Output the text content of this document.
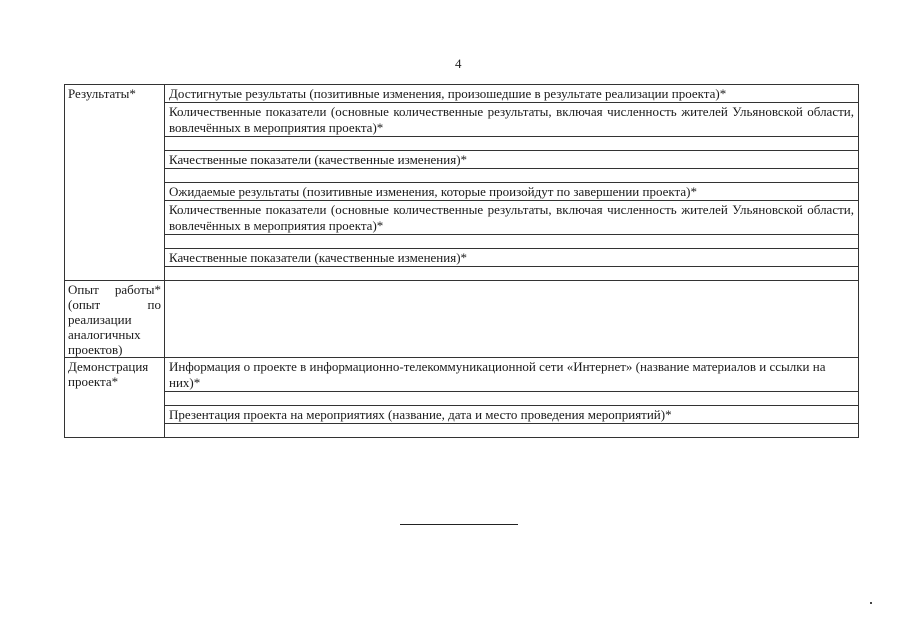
4
Результаты*	Достигнутые результаты (позитивные изменения, произошедшие в результате реализации проекта)*
Количественные показатели (основные количественные результаты, включая численность жителей Ульяновской области, вовлечённых в мероприятия проекта)*
Качественные показатели (качественные изменения)*
Ожидаемые результаты (позитивные изменения, которые произойдут по завершении проекта)*
Количественные показатели (основные количественные результаты, включая численность жителей Ульяновской области, вовлечённых в мероприятия проекта)*
Качественные показатели (качественные изменения)*
Опыт работы* (опыт по реализации аналогичных проектов)
Демонстрация проекта*
Информация о проекте в информационно-телекоммуникационной сети «Интернет» (название материалов и ссылки на них)*
Презентация проекта на мероприятиях (название, дата и место проведения мероприятий)*
